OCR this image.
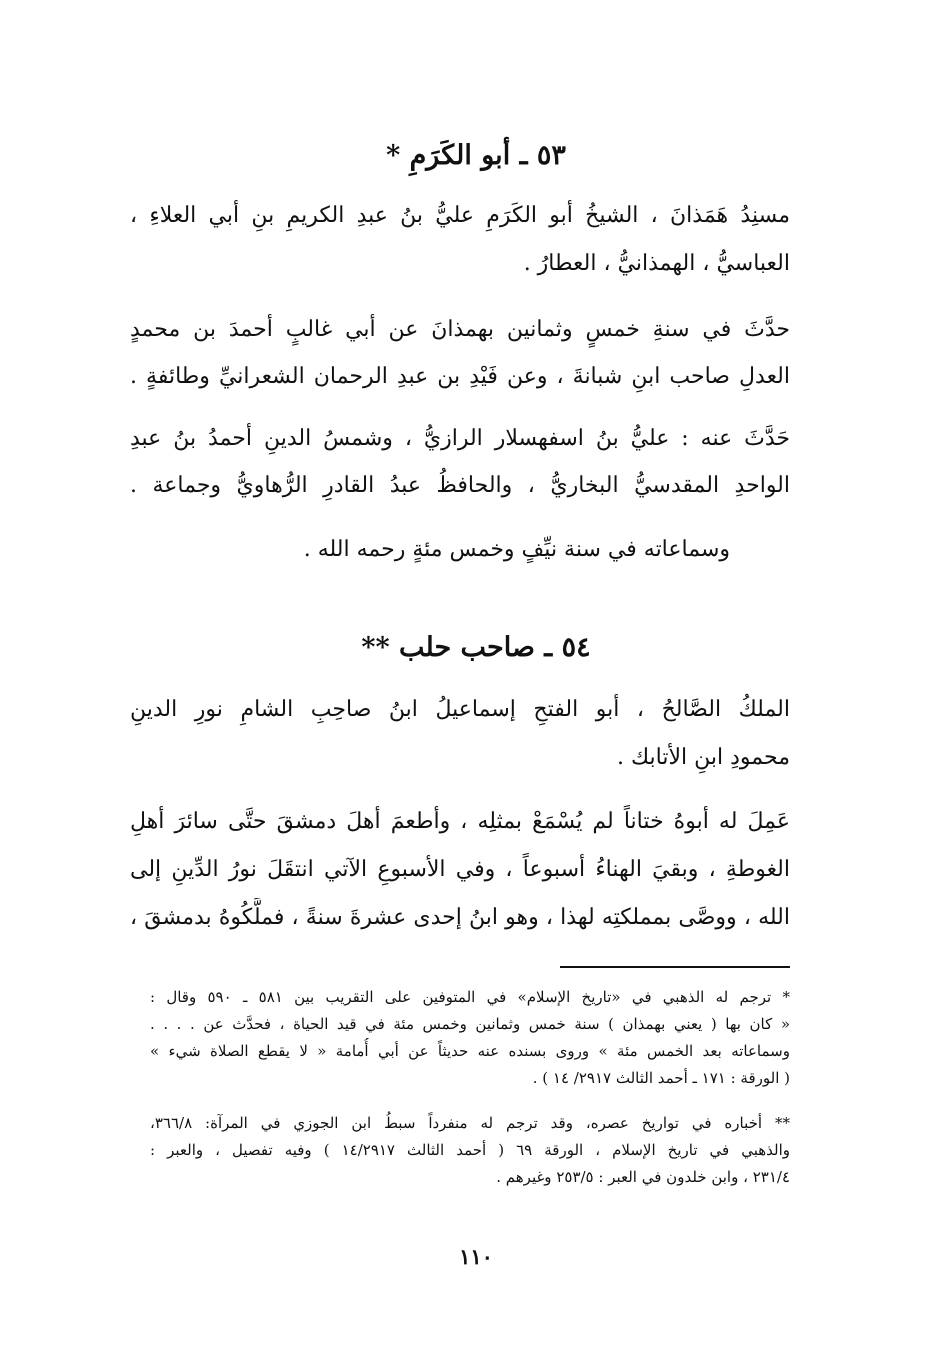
٥٣ ـ أبو الكَرَمِ *
مسنِدُ هَمَذانَ ، الشيخُ أبو الكَرَمِ عليُّ بنُ عبدِ الكريمِ بنِ أبي العلاءِ ،
العباسيُّ ، الهمذانيُّ ، العطارُ .
حدَّثَ في سنةِ خمسٍ وثمانين بهمذانَ عن أبي غالبٍ أحمدَ بن محمدٍ
العدلِ صاحب ابنِ شبانةَ ، وعن فَيْدِ بن عبدِ الرحمان الشعرانيِّ وطائفةٍ .
حَدَّثَ عنه : عليُّ بنُ اسفهسلار الرازيُّ ، وشمسُ الدينِ أحمدُ بنُ عبدِ
الواحدِ المقدسيُّ البخاريُّ ، والحافظُ عبدُ القادرِ الرُّهاويُّ وجماعة .
وسماعاته في سنة نيِّفٍ وخمس مئةٍ رحمه الله .
٥٤ ـ صاحب حلب **
الملكُ الصَّالحُ ، أبو الفتحِ إسماعيلُ ابنُ صاحِبِ الشامِ نورِ الدينِ
محمودِ ابنِ الأتابك .
عَمِلَ له أبوهُ ختاناً لم يُسْمَعْ بمثلِه ، وأطعمَ أهلَ دمشقَ حتَّى سائرَ أهلِ
الغوطةِ ، وبقيَ الهناءُ أسبوعاً ، وفي الأسبوعِ الآتي انتقَلَ نورُ الدِّينِ إلى
الله ، ووصَّى بمملكتِه لهذا ، وهو ابنُ إحدى عشرةَ سنةً ، فملَّكُوهُ بدمشقَ ،
* ترجم له الذهبي في «تاريخ الإسلام» في المتوفين على التقريب بين ٥٨١ ـ ٥٩٠ وقال :
« كان بها ( يعني بهمذان ) سنة خمس وثمانين وخمس مئة في قيد الحياة ، فحدَّث عن . . . .
وسماعاته بعد الخمس مئة » وروى بسنده عنه حديثاً عن أبي أُمامة « لا يقطع الصلاة شيء »
( الورقة : ١٧١ ـ أحمد الثالث ٢٩١٧/ ١٤ ) .
** أخباره في تواريخ عصره، وقد ترجم له منفرداً سبطُ ابن الجوزي في المرآة: ٣٦٦/٨،
والذهبي في تاريخ الإسلام ، الورقة ٦٩ ( أحمد الثالث ١٤/٢٩١٧ ) وفيه تفصيل ، والعبر :
٢٣١/٤ ، وابن خلدون في العبر : ٢٥٣/٥ وغيرهم .
١١٠
